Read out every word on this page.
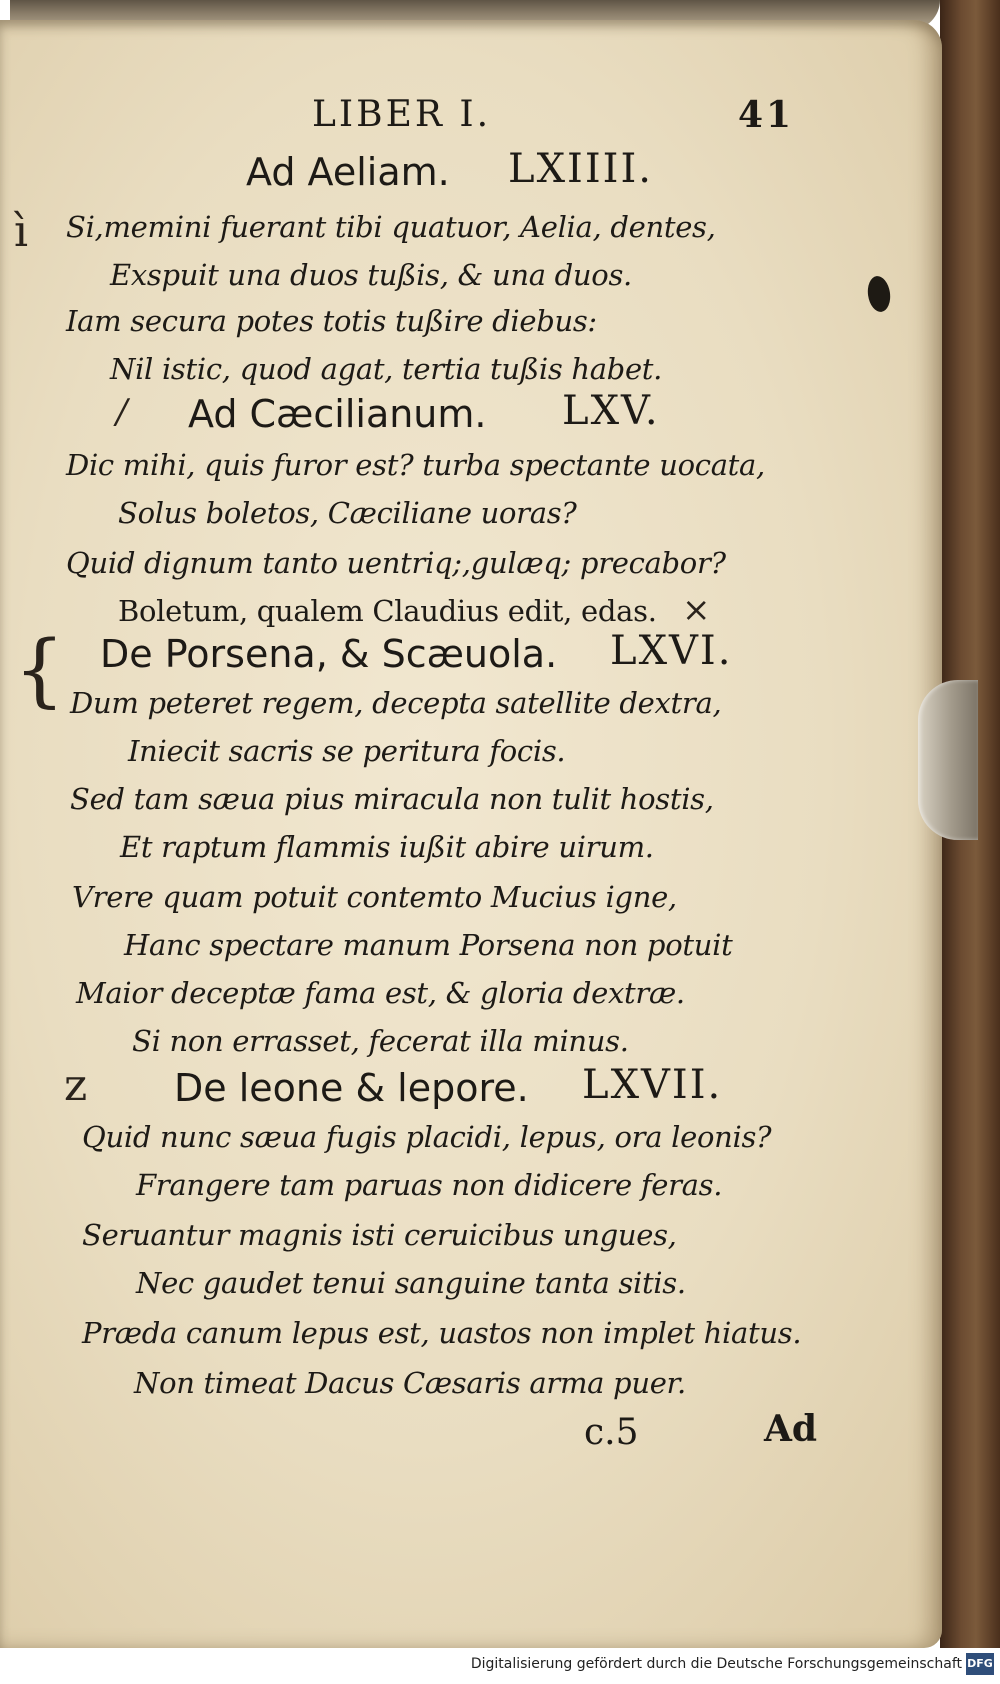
LIBER I.	41
Ad Aeliam. LXIIII.
Si,memini fuerant tibi quatuor, Aelia, dentes,
Exspuit una duos tußis, & una duos.
Iam secura potes totis tußire diebus:
Nil istic, quod agat, tertia tußis habet.
Ad Cæcilianum. LXV.
Dic mihi, quis furor est? turba spectante uocata,
Solus boletos, Cæciliane uoras?
Quid dignum tanto uentriq;,gulæq; precabor?
Boletum, qualem Claudius edit, edas.
De Porsena, & Scæuola. LXVI.
Dum peteret regem, decepta satellite dextra,
Iniecit sacris se peritura focis.
Sed tam sæua pius miracula non tulit hostis,
Et raptum flammis iußit abire uirum.
Vrere quam potuit contemto Mucius igne,
Hanc spectare manum Porsena non potuit
Maior deceptæ fama est, & gloria dextræ.
Si non errasset, fecerat illa minus.
De leone & lepore. LXVII.
Quid nunc sæua fugis placidi, lepus, ora leonis?
Frangere tam paruas non didicere feras.
Seruantur magnis isti ceruicibus ungues,
Nec gaudet tenui sanguine tanta sitis.
Præda canum lepus est, uastos non implet hiatus.
Non timeat Dacus Cæsaris arma puer.
c.5	Ad
ì
/
{
z
×
Digitalisierung gefördert durch die Deutsche Forschungsgemeinschaft DFG
